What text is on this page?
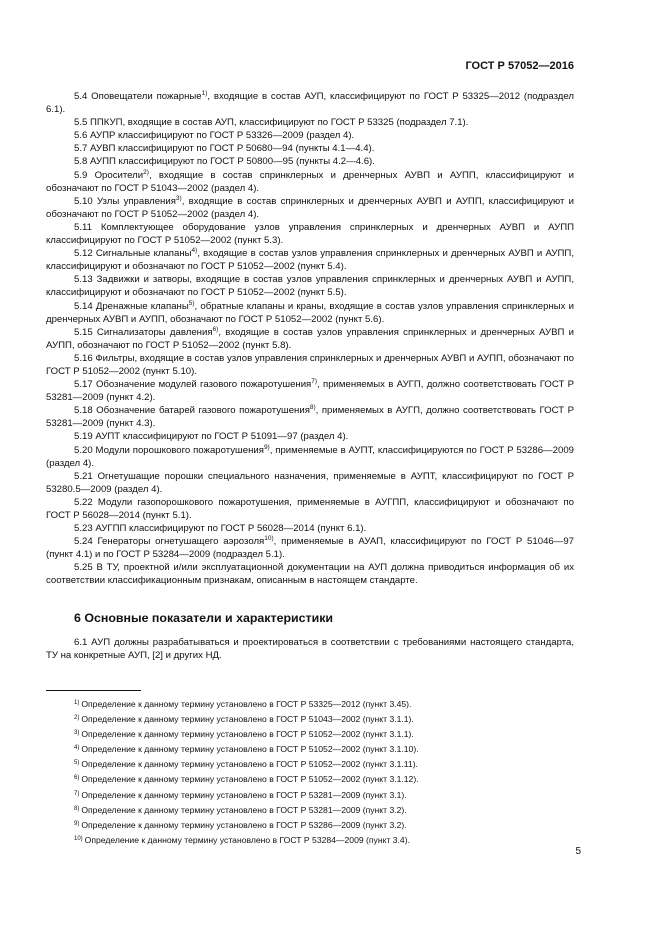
ГОСТ Р 57052—2016

5.4 Оповещатели пожарные$^{1)}$, входящие в состав АУП, классифицируют по ГОСТ Р 53325—2012 (подраздел 6.1).

5.5 ППКУП, входящие в состав АУП, классифицируют по ГОСТ Р 53325 (подраздел 7.1).

5.6 АУПР классифицируют по ГОСТ Р 53326—2009 (раздел 4).

5.7 АУВП классифицируют по ГОСТ Р 50680—94 (пункты 4.1—4.4).

5.8 АУПП классифицируют по ГОСТ Р 50800—95 (пункты 4.2—4.6).

5.9 Оросители$^{2)}$, входящие в состав спринклерных и дренчерных АУВП и АУПП, классифицируют и обозначают по ГОСТ Р 51043—2002 (раздел 4).

5.10 Узлы управления$^{3)}$, входящие в состав спринклерных и дренчерных АУВП и АУПП, классифицируют и обозначают по ГОСТ Р 51052—2002 (раздел 4).

5.11 Комплектующее оборудование узлов управления спринклерных и дренчерных АУВП и АУПП классифицируют по ГОСТ Р 51052—2002 (пункт 5.3).

5.12 Сигнальные клапаны$^{4)}$, входящие в состав узлов управления спринклерных и дренчерных АУВП и АУПП, классифицируют и обозначают по ГОСТ Р 51052—2002 (пункт 5.4).

5.13 Задвижки и затворы, входящие в состав узлов управления спринклерных и дренчерных АУВП и АУПП, классифицируют и обозначают по ГОСТ Р 51052—2002 (пункт 5.5).

5.14 Дренажные клапаны$^{5)}$, обратные клапаны и краны, входящие в состав узлов управления спринклерных и дренчерных АУВП и АУПП, обозначают по ГОСТ Р 51052—2002 (пункт 5.6).

5.15 Сигнализаторы давления$^{6)}$, входящие в состав узлов управления спринклерных и дренчерных АУВП и АУПП, обозначают по ГОСТ Р 51052—2002 (пункт 5.8).

5.16 Фильтры, входящие в состав узлов управления спринклерных и дренчерных АУВП и АУПП, обозначают по ГОСТ Р 51052—2002 (пункт 5.10).

5.17 Обозначение модулей газового пожаротушения$^{7)}$, применяемых в АУГП, должно соответствовать ГОСТ Р 53281—2009 (пункт 4.2).

5.18 Обозначение батарей газового пожаротушения$^{8)}$, применяемых в АУГП, должно соответствовать ГОСТ Р 53281—2009 (пункт 4.3).

5.19 АУПТ классифицируют по ГОСТ Р 51091—97 (раздел 4).

5.20 Модули порошкового пожаротушения$^{9)}$, применяемые в АУПТ, классифицируются по ГОСТ Р 53286—2009 (раздел 4).

5.21 Огнетушащие порошки специального назначения, применяемые в АУПТ, классифицируют по ГОСТ Р 53280.5—2009 (раздел 4).

5.22 Модули газопорошкового пожаротушения, применяемые в АУГПП, классифицируют и обозначают по ГОСТ Р 56028—2014 (пункт 5.1).

5.23 АУГПП классифицируют по ГОСТ Р 56028—2014 (пункт 6.1).

5.24 Генераторы огнетушащего аэрозоля$^{10)}$, применяемые в АУАП, классифицируют по ГОСТ Р 51046—97 (пункт 4.1) и по ГОСТ Р 53284—2009 (подраздел 5.1).

5.25 В ТУ, проектной и/или эксплуатационной документации на АУП должна приводиться информация об их соответствии классификационным признакам, описанным в настоящем стандарте.

6 Основные показатели и характеристики

6.1 АУП должны разрабатываться и проектироваться в соответствии с требованиями настоящего стандарта, ТУ на конкретные АУП, [2] и других НД.

$^{1)}$ Определение к данному термину установлено в ГОСТ Р 53325—2012 (пункт 3.45).
$^{2)}$ Определение к данному термину установлено в ГОСТ Р 51043—2002 (пункт 3.1.1).
$^{3)}$ Определение к данному термину установлено в ГОСТ Р 51052—2002 (пункт 3.1.1).
$^{4)}$ Определение к данному термину установлено в ГОСТ Р 51052—2002 (пункт 3.1.10).
$^{5)}$ Определение к данному термину установлено в ГОСТ Р 51052—2002 (пункт 3.1.11).
$^{6)}$ Определение к данному термину установлено в ГОСТ Р 51052—2002 (пункт 3.1.12).
$^{7)}$ Определение к данному термину установлено в ГОСТ Р 53281—2009 (пункт 3.1).
$^{8)}$ Определение к данному термину установлено в ГОСТ Р 53281—2009 (пункт 3.2).
$^{9)}$ Определение к данному термину установлено в ГОСТ Р 53286—2009 (пункт 3.2).
$^{10)}$ Определение к данному термину установлено в ГОСТ Р 53284—2009 (пункт 3.4).
5
